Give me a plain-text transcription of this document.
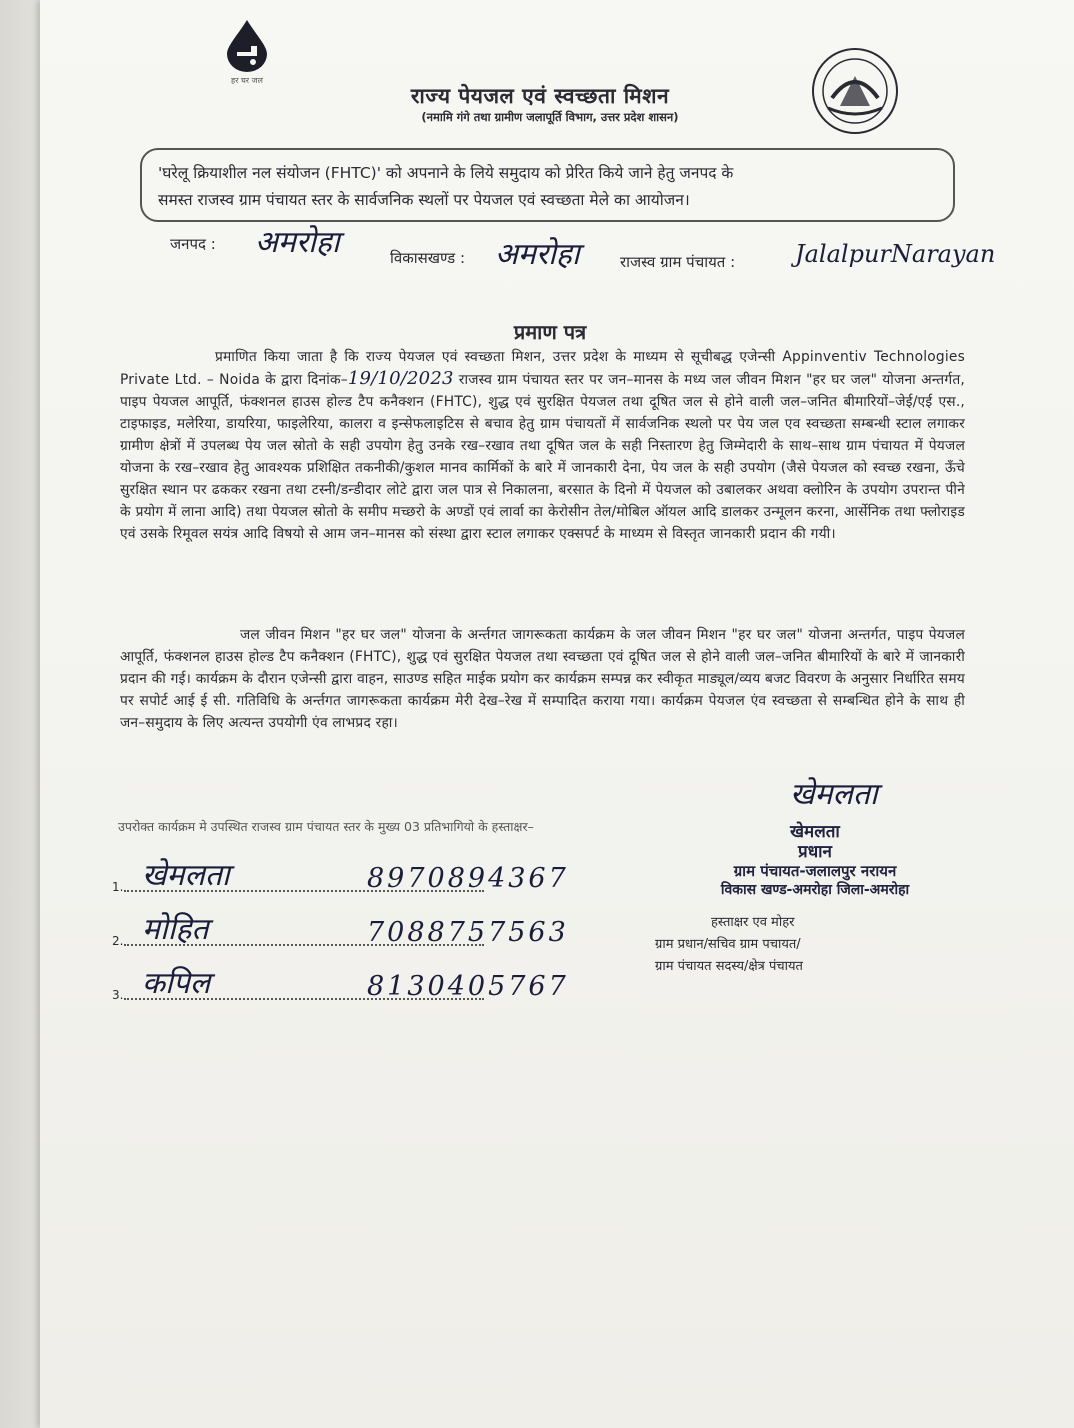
हर घर जल
राज्य पेयजल एवं स्वच्छता मिशन
(नमामि गंगे तथा ग्रामीण जलापूर्ति विभाग, उत्तर प्रदेश शासन)
'घरेलू क्रियाशील नल संयोजन (FHTC)' को अपनाने के लिये समुदाय को प्रेरित किये जाने हेतु जनपद के
समस्त राजस्व ग्राम पंचायत स्तर के सार्वजनिक स्थलों पर पेयजल एवं स्वच्छता मेले का आयोजन।
जनपद : अमरोहा	विकासखण्ड : अमरोहा	राजस्व ग्राम पंचायत : JalalpurNarayan
प्रमाण पत्र

प्रमाणित किया जाता है कि राज्य पेयजल एवं स्वच्छता मिशन, उत्तर प्रदेश के माध्यम से सूचीबद्ध एजेन्सी Appinventiv Technologies Private Ltd. – Noida के द्वारा दिनांक–19/10/2023 राजस्व ग्राम पंचायत स्तर पर जन–मानस के मध्य जल जीवन मिशन "हर घर जल" योजना अन्तर्गत, पाइप पेयजल आपूर्ति, फंक्शनल हाउस होल्ड टैप कनैक्शन (FHTC), शुद्ध एवं सुरक्षित पेयजल तथा दूषित जल से होने वाली जल–जनित बीमारियों–जेई/एई एस., टाइफाइड, मलेरिया, डायरिया, फाइलेरिया, कालरा व इन्सेफलाइटिस से बचाव हेतु ग्राम पंचायतों में सार्वजनिक स्थलो पर पेय जल एव स्वच्छता सम्बन्धी स्टाल लगाकर ग्रामीण क्षेत्रों में उपलब्ध पेय जल स्रोतो के सही उपयोग हेतु उनके रख–रखाव तथा दूषित जल के सही निस्तारण हेतु जिम्मेदारी के साथ–साथ ग्राम पंचायत में पेयजल योजना के रख–रखाव हेतु आवश्यक प्रशिक्षित तकनीकी/कुशल मानव कार्मिकों के बारे में जानकारी देना, पेय जल के सही उपयोग (जैसे पेयजल को स्वच्छ रखना, ऊँचे सुरक्षित स्थान पर ढककर रखना तथा टस्नी/डन्डीदार लोटे द्वारा जल पात्र से निकालना, बरसात के दिनो में पेयजल को उबालकर अथवा क्लोरिन के उपयोग उपरान्त पीने के प्रयोग में लाना आदि) तथा पेयजल स्रोतो के समीप मच्छरो के अण्डों एवं लार्वा का केरोसीन तेल/मोबिल ऑयल आदि डालकर उन्मूलन करना, आर्सेनिक तथा फ्लोराइड एवं उसके रिमूवल सयंत्र आदि विषयो से आम जन–मानस को संस्था द्वारा स्टाल लगाकर एक्सपर्ट के माध्यम से विस्तृत जानकारी प्रदान की गयी।

जल जीवन मिशन "हर घर जल" योजना के अर्न्तगत जागरूकता कार्यक्रम के जल जीवन मिशन "हर घर जल" योजना अन्तर्गत, पाइप पेयजल आपूर्ति, फंक्शनल हाउस होल्ड टैप कनैक्शन (FHTC), शुद्ध एवं सुरक्षित पेयजल तथा स्वच्छता एवं दूषित जल से होने वाली जल–जनित बीमारियों के बारे में जानकारी प्रदान की गई। कार्यक्रम के दौरान एजेन्सी द्वारा वाहन, साउण्ड सहित माईक प्रयोग कर कार्यक्रम सम्पन्न कर स्वीकृत माड्यूल/व्यय बजट विवरण के अनुसार निर्धारित समय पर सपोर्ट आई ई सी. गतिविधि के अर्न्तगत जागरूकता कार्यक्रम मेरी देख–रेख में सम्पादित कराया गया। कार्यक्रम पेयजल एंव स्वच्छता से सम्बन्धित होने के साथ ही जन–समुदाय के लिए अत्यन्त उपयोगी एंव लाभप्रद रहा।

उपरोक्त कार्यक्रम मे उपस्थित राजस्व ग्राम पंचायत स्तर के मुख्य 03 प्रतिभागियो के हस्ताक्षर–
1. खेमलता	8970894367
2. मोहित	7088757563
3. कपिल	8130405767
खेमलता
खेमलता
प्रधान
ग्राम पंचायत-जलालपुर नरायन
विकास खण्ड-अमरोहा जिला-अमरोहा
हस्ताक्षर एव मोहर
ग्राम प्रधान/सचिव ग्राम पचायत/
ग्राम पंचायत सदस्य/क्षेत्र पंचायत
